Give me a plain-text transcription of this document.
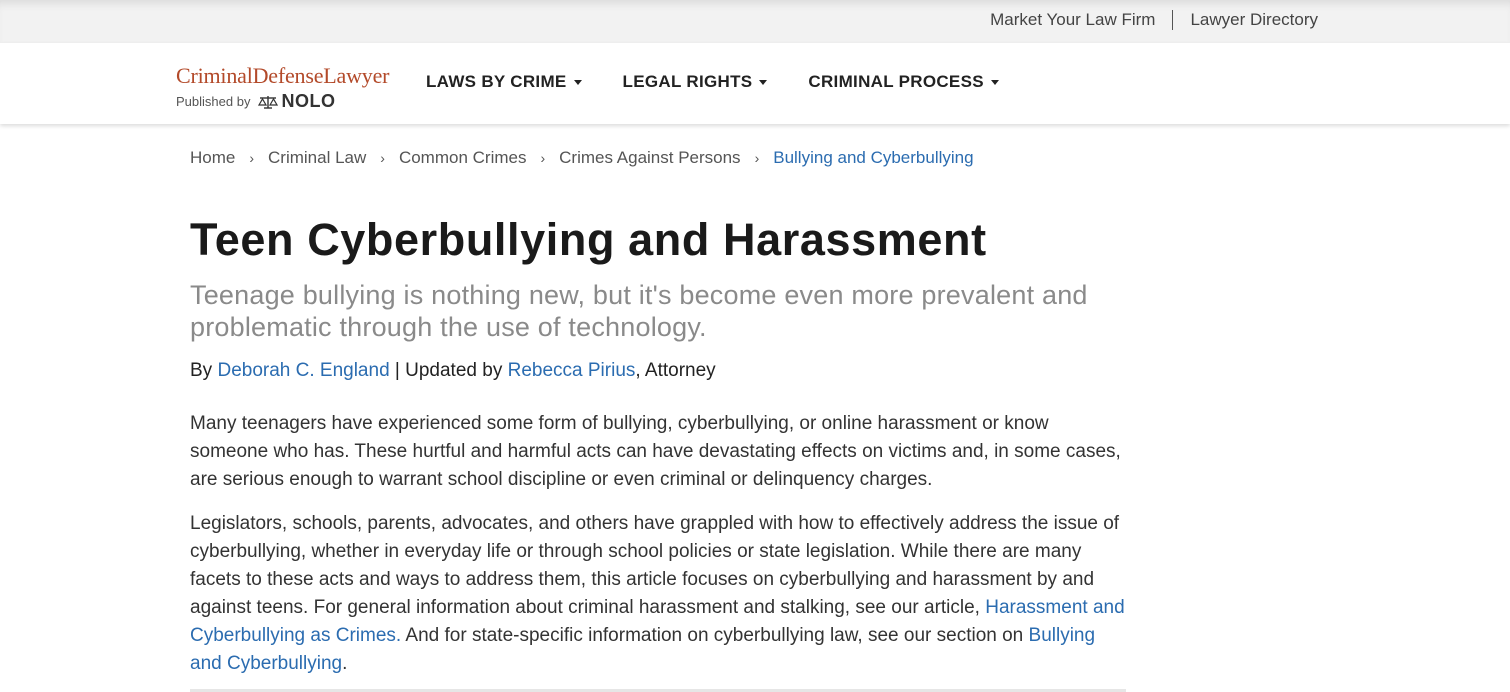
Market Your Law Firm Lawyer Directory
CriminalDefenseLawyer
Published by NOLO
LAWS BY CRIME	LEGAL RIGHTS	CRIMINAL PROCESS
Home › Criminal Law › Common Crimes › Crimes Against Persons › Bullying and Cyberbullying
Teen Cyberbullying and Harassment

Teenage bullying is nothing new, but it's become even more prevalent and problematic through the use of technology.

By Deborah C. England | Updated by Rebecca Pirius, Attorney

Many teenagers have experienced some form of bullying, cyberbullying, or online harassment or know someone who has. These hurtful and harmful acts can have devastating effects on victims and, in some cases, are serious enough to warrant school discipline or even criminal or delinquency charges.

Legislators, schools, parents, advocates, and others have grappled with how to effectively address the issue of cyberbullying, whether in everyday life or through school policies or state legislation. While there are many facets to these acts and ways to address them, this article focuses on cyberbullying and harassment by and against teens. For general information about criminal harassment and stalking, see our article, Harassment and Cyberbullying as Crimes. And for state-specific information on cyberbullying law, see our section on Bullying and Cyberbullying.
